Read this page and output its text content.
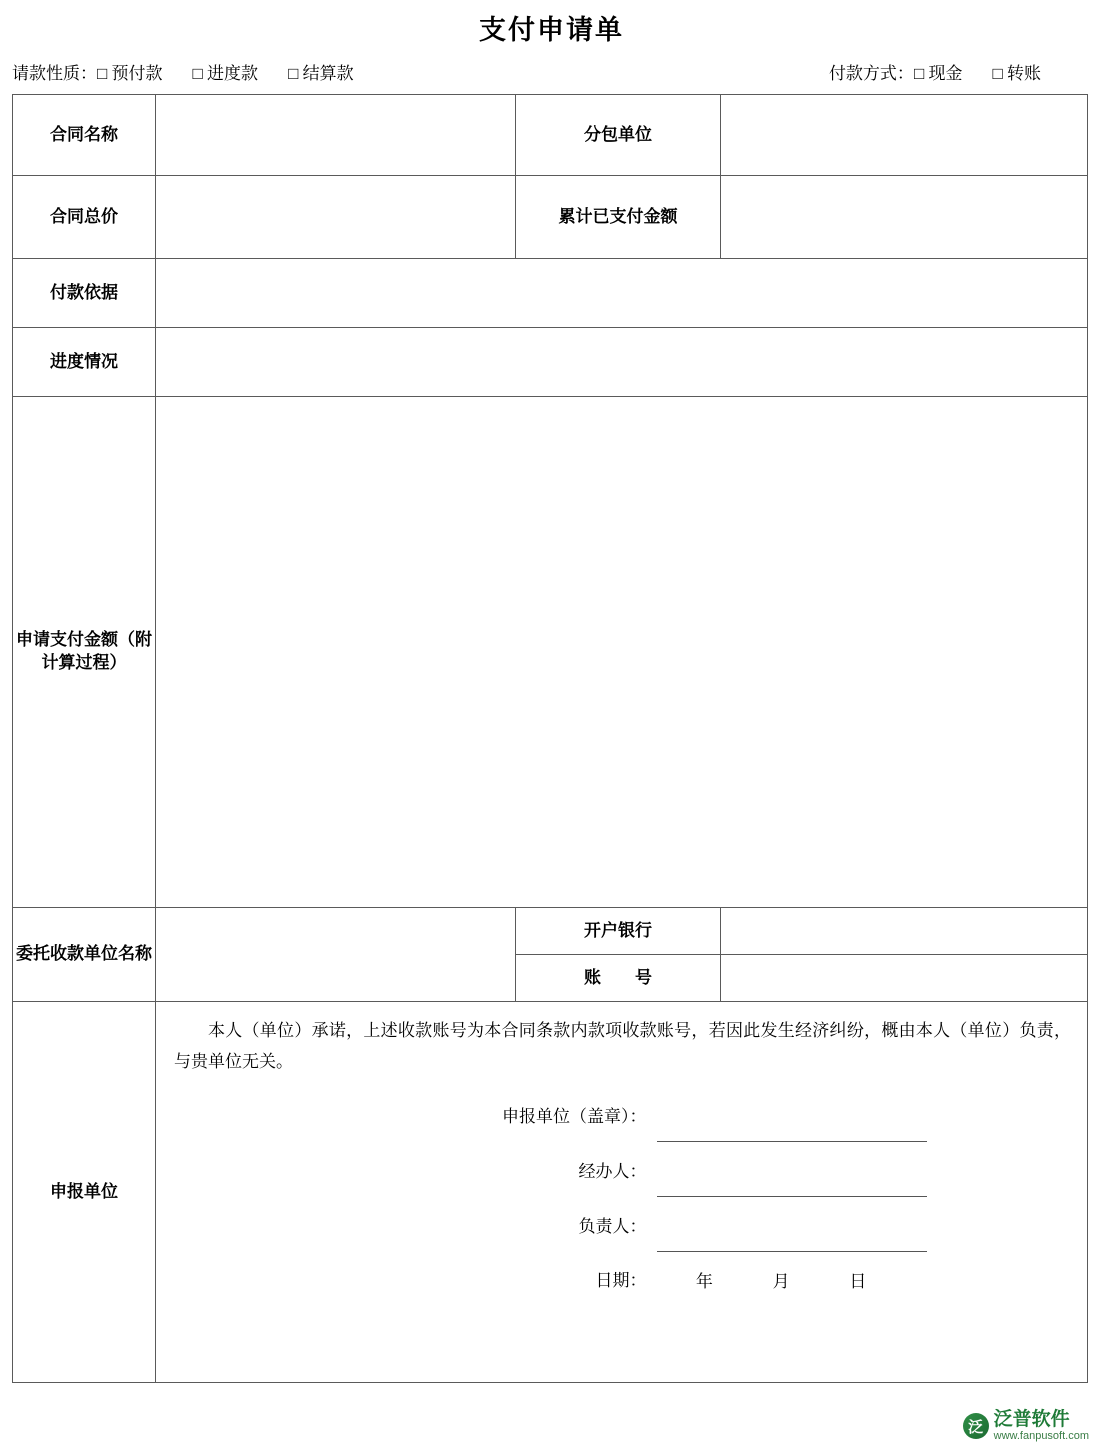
支付申请单
请款性质： □ 预付款 □ 进度款 □ 结算款	付款方式： □ 现金 □ 转账
合同名称		分包单位	
合同总价		累计已支付金额	
付款依据	
进度情况	
申请支付金额（附计算过程）	
委托收款单位名称		开户银行	
账　　号	
申报单位	
本人（单位）承诺，上述收款账号为本合同条款内款项收款账号，若因此发生经济纠纷，概由本人（单位）负责，与贵单位无关。
	申报单位（盖章）：		
	经办人：		
	负责人：		
	日期：	年	月	日

泛 泛普软件
www.fanpusoft.com
